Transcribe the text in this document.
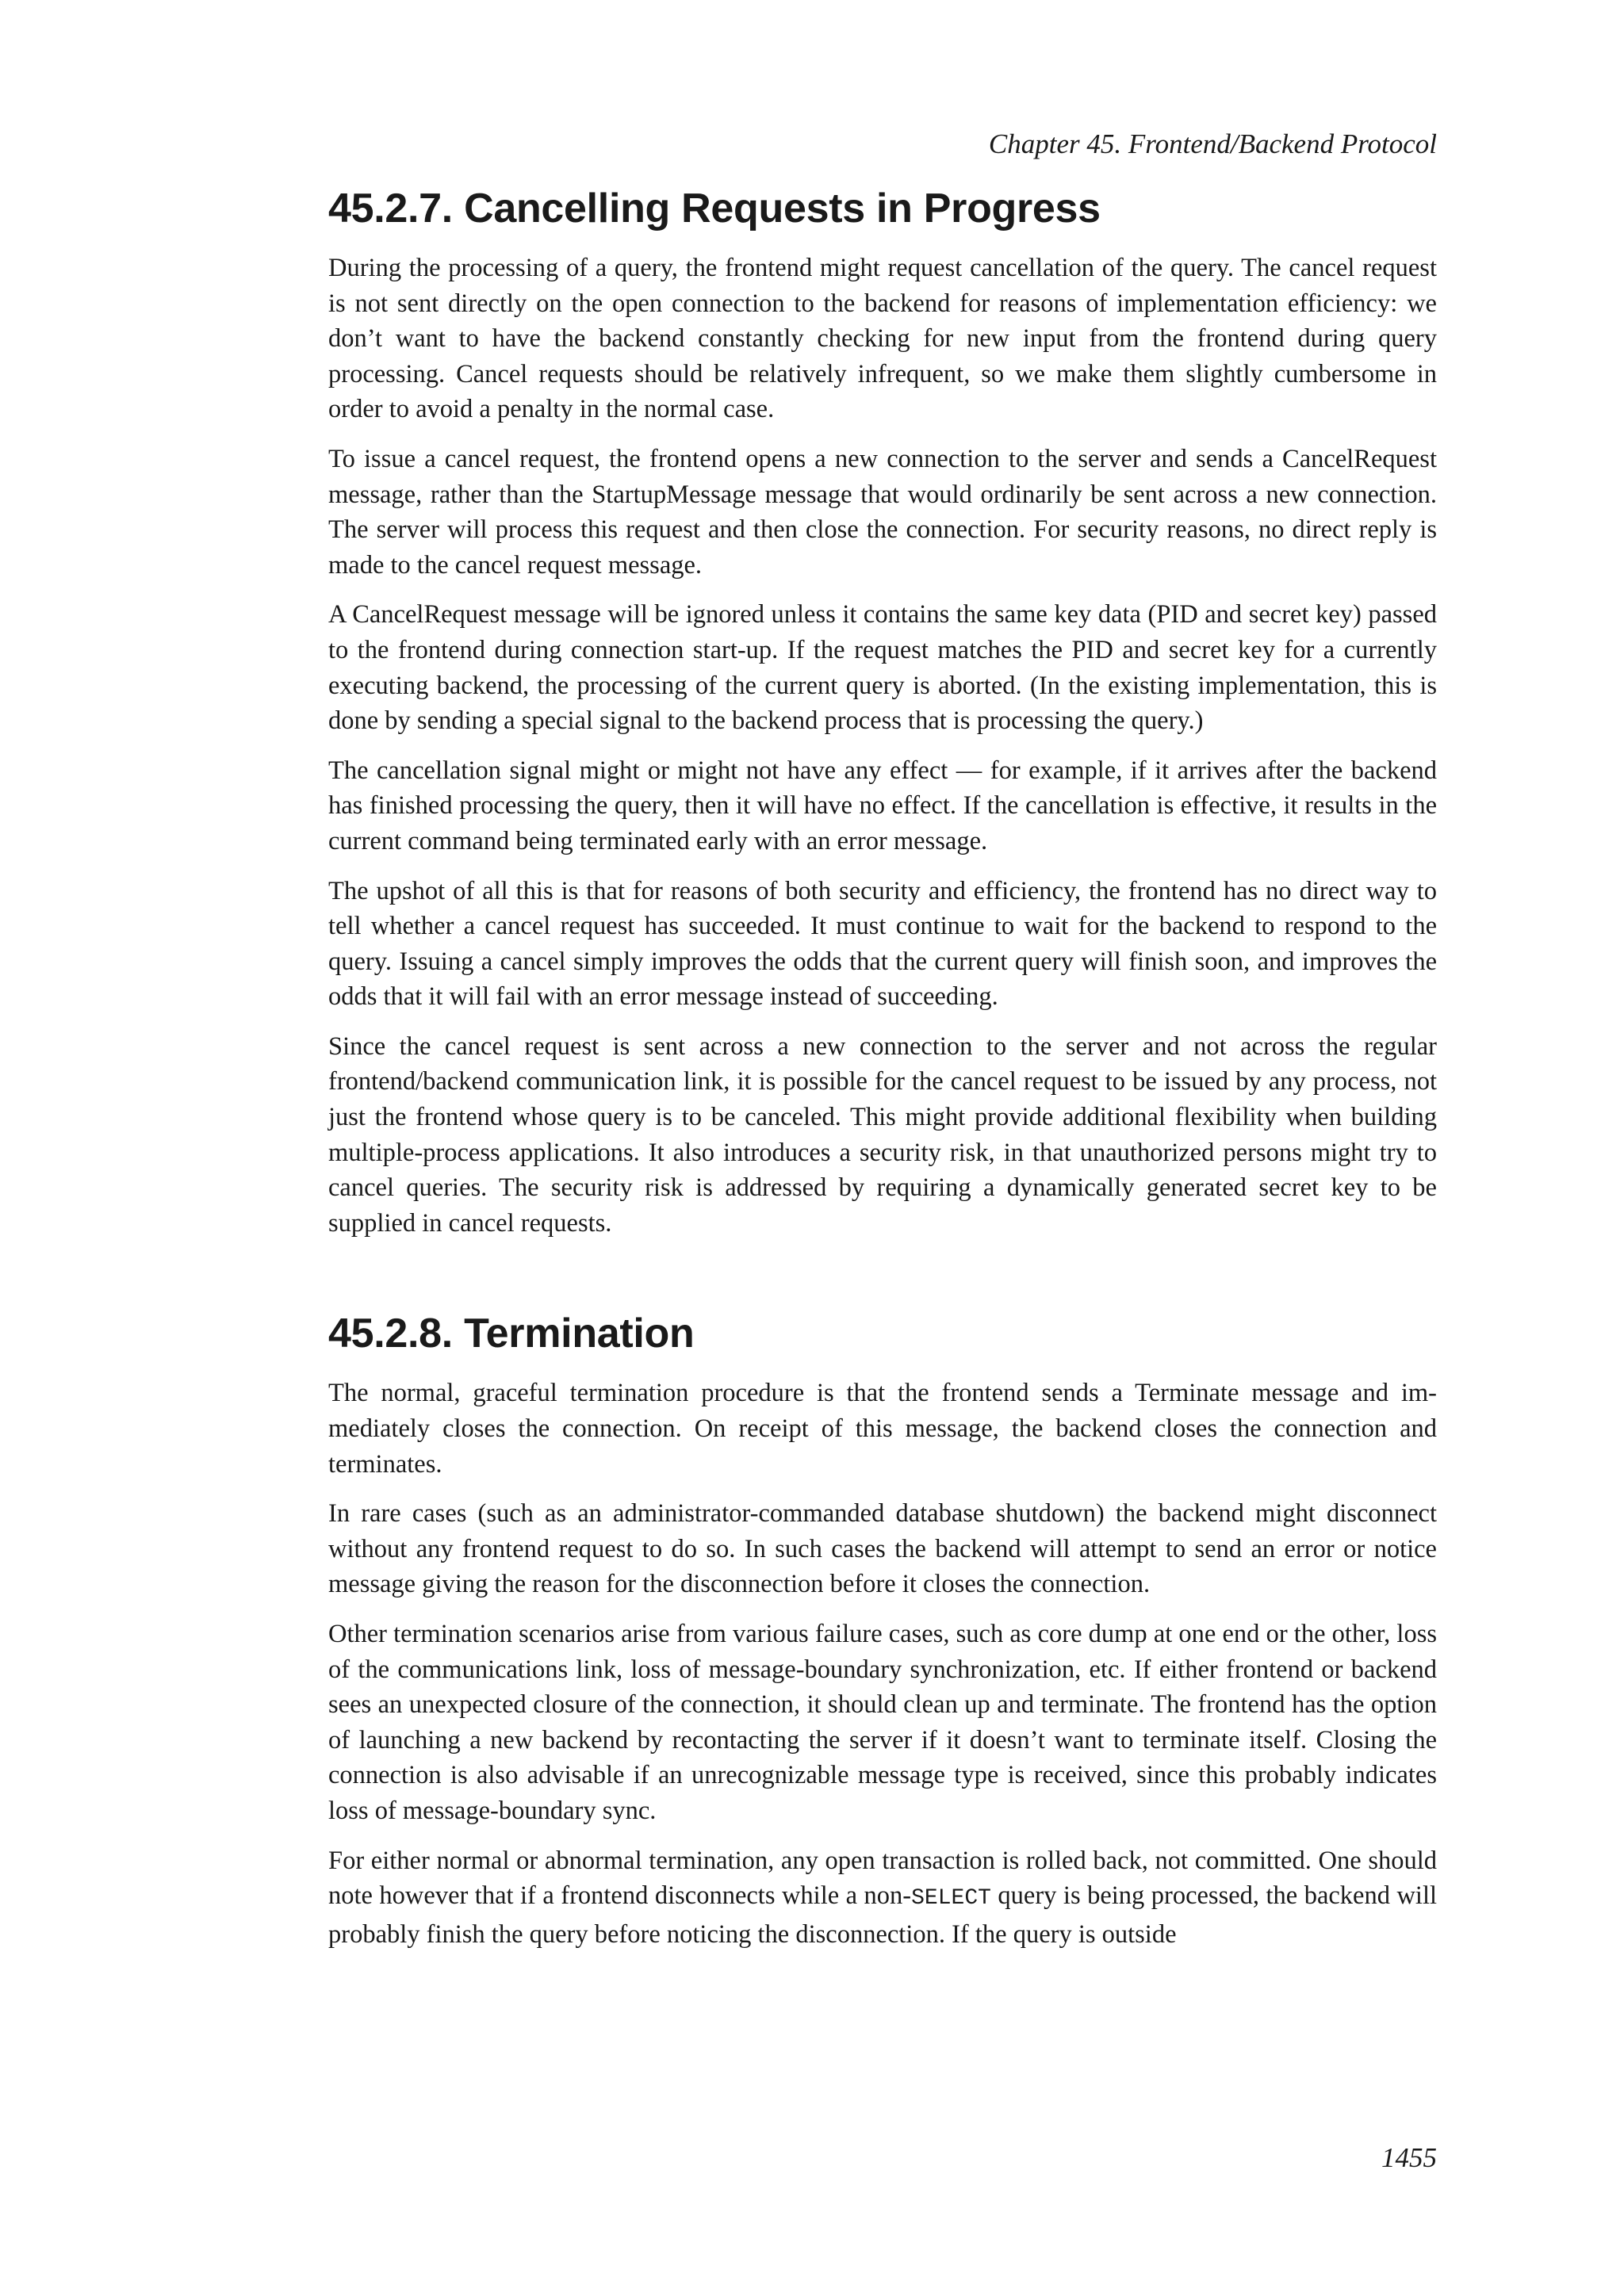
Chapter 45. Frontend/Backend Protocol
45.2.7. Cancelling Requests in Progress

During the processing of a query, the frontend might request cancellation of the query. The cancel request is not sent directly on the open connection to the backend for reasons of implementation efficiency: we don’t want to have the backend constantly checking for new input from the frontend during query processing. Cancel requests should be relatively infrequent, so we make them slightly cumbersome in order to avoid a penalty in the normal case.

To issue a cancel request, the frontend opens a new connection to the server and sends a CancelRequest message, rather than the StartupMessage message that would ordinarily be sent across a new connection. The server will process this request and then close the connection. For security reasons, no direct reply is made to the cancel request message.

A CancelRequest message will be ignored unless it contains the same key data (PID and secret key) passed to the frontend during connection start-up. If the request matches the PID and secret key for a currently executing backend, the processing of the current query is aborted. (In the existing implementation, this is done by sending a special signal to the backend process that is processing the query.)

The cancellation signal might or might not have any effect — for example, if it arrives after the backend has finished processing the query, then it will have no effect. If the cancellation is effective, it results in the current command being terminated early with an error message.

The upshot of all this is that for reasons of both security and efficiency, the frontend has no direct way to tell whether a cancel request has succeeded. It must continue to wait for the backend to respond to the query. Issuing a cancel simply improves the odds that the current query will finish soon, and improves the odds that it will fail with an error message instead of succeeding.

Since the cancel request is sent across a new connection to the server and not across the regular frontend/backend communication link, it is possible for the cancel request to be issued by any process, not just the frontend whose query is to be canceled. This might provide additional flexibility when building multiple-process applications. It also introduces a security risk, in that unauthorized persons might try to cancel queries. The security risk is addressed by requiring a dynamically generated secret key to be supplied in cancel requests.

45.2.8. Termination

The normal, graceful termination procedure is that the frontend sends a Terminate message and immediately closes the connection. On receipt of this message, the backend closes the connection and terminates.

In rare cases (such as an administrator-commanded database shutdown) the backend might disconnect without any frontend request to do so. In such cases the backend will attempt to send an error or notice message giving the reason for the disconnection before it closes the connection.

Other termination scenarios arise from various failure cases, such as core dump at one end or the other, loss of the communications link, loss of message-boundary synchronization, etc. If either frontend or backend sees an unexpected closure of the connection, it should clean up and terminate. The frontend has the option of launching a new backend by recontacting the server if it doesn’t want to terminate itself. Closing the connection is also advisable if an unrecognizable message type is received, since this probably indicates loss of message-boundary sync.

For either normal or abnormal termination, any open transaction is rolled back, not committed. One should note however that if a frontend disconnects while a non-SELECT query is being processed, the backend will probably finish the query before noticing the disconnection. If the query is outside

1455
